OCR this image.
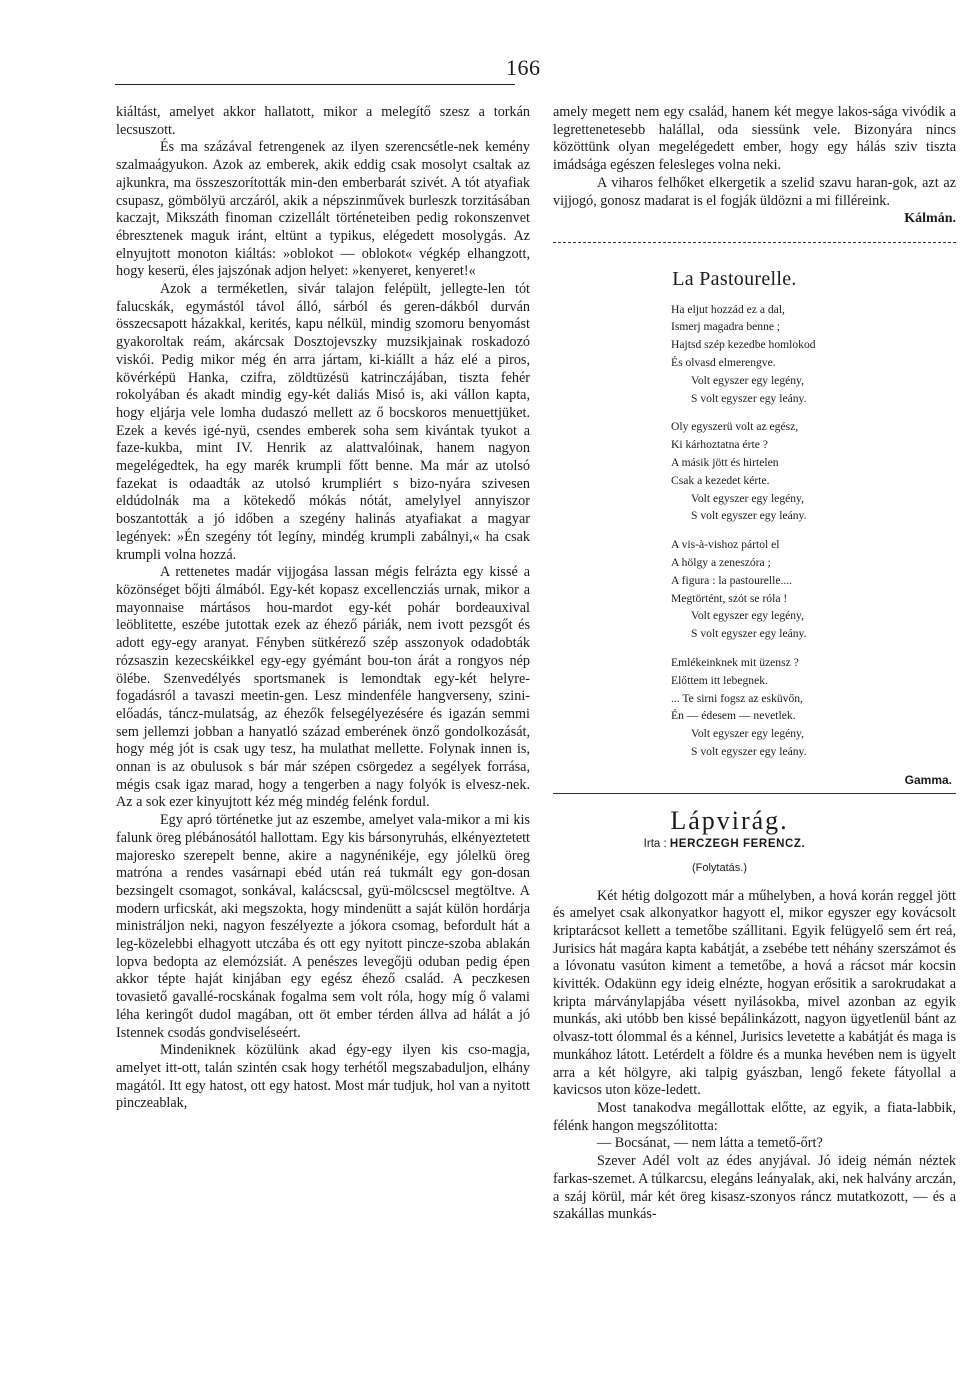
166

kiáltást, amelyet akkor hallatott, mikor a melegítő szesz a torkán lecsuszott.

És ma százával fetrengenek az ilyen szerencsétle-nek kemény szalmaágyukon. Azok az emberek, akik eddig csak mosolyt csaltak az ajkunkra, ma összeszorították min-den emberbarát szivét. A tót atyafiak csupasz, gömbölyü arczáról, akik a népszinművek burleszk torzitásában kaczajt, Mikszáth finoman czizellált történeteiben pedig rokonszenvet ébresztenek maguk iránt, eltünt a typikus, elégedett mosolygás. Az elnyujtott monoton kiáltás: »oblokot — oblokot« végkép elhangzott, hogy keserü, éles jajszónak adjon helyet: »kenyeret, kenyeret!«

Azok a terméketlen, sivár talajon felépült, jellegte-len tót falucskák, egymástól távol álló, sárból és geren-dákból durván összecsapott házakkal, kerités, kapu nélkül, mindig szomoru benyomást gyakoroltak reám, akárcsak Dosztojevszky muzsikjainak roskadozó viskói. Pedig mikor még én arra jártam, ki-kiállt a ház elé a piros, kövérképü Hanka, czifra, zöldtüzésü katrinczájában, tiszta fehér rokolyában és akadt mindig egy-két daliás Misó is, aki vállon kapta, hogy eljárja vele lomha dudaszó mellett az ő bocskoros menuettjüket. Ezek a kevés igé-nyü, csendes emberek soha sem kivántak tyukot a faze-kukba, mint IV. Henrik az alattvalóinak, hanem nagyon megelégedtek, ha egy marék krumpli főtt benne. Ma már az utolsó fazekat is odaadták az utolsó krumpliért s bizo-nyára szivesen eldúdolnák ma a kötekedő mókás nótát, amelylyel annyiszor boszantották a jó időben a szegény halinás atyafiakat a magyar legények: »Én szegény tót legíny, mindég krumpli zabálnyi,« ha csak krumpli volna hozzá.

A rettenetes madár vijjogása lassan mégis felrázta egy kissé a közönséget bőjti álmából. Egy-két kopasz excellencziás urnak, mikor a mayonnaise mártásos hou-mardot egy-két pohár bordeauxival leöblitette, eszébe jutottak ezek az éhező páriák, nem ivott pezsgőt és adott egy-egy aranyat. Fényben sütkérező szép asszonyok odadobták rózsaszin kezecskéikkel egy-egy gyémánt bou-ton árát a rongyos nép ölébe. Szenvedélyés sportsmanek is lemondtak egy-két helyre-fogadásról a tavaszi meetin-gen. Lesz mindenféle hangverseny, szini-előadás, táncz-mulatság, az éhezők felsegélyezésére és igazán semmi sem jellemzi jobban a hanyatló század emberének önző gondolkozását, hogy még jót is csak ugy tesz, ha mulathat mellette. Folynak innen is, onnan is az obulusok s bár már szépen csörgedez a segélyek forrása, mégis csak igaz marad, hogy a tengerben a nagy folyók is elvesz-nek. Az a sok ezer kinyujtott kéz még mindég felénk fordul.

Egy apró történetke jut az eszembe, amelyet vala-mikor a mi kis falunk öreg plébánosától hallottam. Egy kis bársonyruhás, elkényeztetett majoresko szerepelt benne, akire a nagynénikéje, egy jólelkü öreg matróna a rendes vasárnapi ebéd után reá tukmált egy gon-dosan bezsingelt csomagot, sonkával, kalácscsal, gyü-mölcscsel megtöltve. A modern urficskát, aki megszokta, hogy mindenütt a saját külön hordárja ministráljon neki, nagyon feszélyezte a jókora csomag, befordult hát a leg-közelebbi elhagyott utczába és ott egy nyitott pincze-szoba ablakán lopva bedopta az elemózsiát. A penészes levegőjü oduban pedig épen akkor tépte haját kinjában egy egész éhező család. A peczkesen tovasiető gavallé-rocskának fogalma sem volt róla, hogy míg ő valami léha keringőt dudol magában, ott öt ember térden állva ad hálát a jó Istennek csodás gondviseléseért.

Mindeniknek közülünk akad égy-egy ilyen kis cso-magja, amelyet itt-ott, talán szintén csak hogy terhétől megszabaduljon, elhány magától. Itt egy hatost, ott egy hatost. Most már tudjuk, hol van a nyitott pinczeablak,

amely megett nem egy család, hanem két megye lakos-sága vivódik a legrettenetesebb halállal, oda siessünk vele. Bizonyára nincs közöttünk olyan megelégedett ember, hogy egy hálás sziv tiszta imádsága egészen felesleges volna neki.

A viharos felhőket elkergetik a szelid szavu haran-gok, azt az vijjogó, gonosz madarat is el fogják üldözni a mi filléreink.

Kálmán.

La Pastourelle.
Ha eljut hozzád ez a dal,
Ismerj magadra benne ;
Hajtsd szép kezedbe homlokod
És olvasd elmerengve.
Volt egyszer egy legény,
S volt egyszer egy leány.
Oly egyszerü volt az egész,
Ki kárhoztatna érte ?
A másik jött és hirtelen
Csak a kezedet kérte.
Volt egyszer egy legény,
S volt egyszer egy leány.
A vis-à-vishoz pártol el
A hölgy a zeneszóra ;
A figura : la pastourelle....
Megtörtént, szót se róla !
Volt egyszer egy legény,
S volt egyszer egy leány.
Emlékeinknek mit üzensz ?
Előttem itt lebegnek.
... Te sirni fogsz az esküvőn,
Én — édesem — nevetlek.
Volt egyszer egy legény,
S volt egyszer egy leány.
Gamma.
Lápvirág.
Irta : HERCZEGH FERENCZ.
(Folytatás.)

Két hétig dolgozott már a műhelyben, a hová korán reggel jött és amelyet csak alkonyatkor hagyott el, mikor egyszer egy kovácsolt kriptarácsot kellett a temetőbe szállitani. Egyik felügyelő sem ért reá, Jurisics hát magára kapta kabátját, a zsebébe tett néhány szerszámot és a lóvonatu vasúton kiment a temetőbe, a hová a rácsot már kocsin kivitték. Odakünn egy ideig elnézte, hogyan erősitik a sarokrudakat a kripta márványlapjába vésett nyilásokba, mivel azonban az egyik munkás, aki utóbb ben kissé bepálinkázott, nagyon ügyetlenül bánt az olvasz-tott ólommal és a kénnel, Jurisics levetette a kabátját és maga is munkához látott. Letérdelt a földre és a munka hevében nem is ügyelt arra a két hölgyre, aki talpig gyászban, lengő fekete fátyollal a kavicsos uton köze-ledett.

Most tanakodva megállottak előtte, az egyik, a fiata-labbik, félénk hangon megszólitotta:

— Bocsánat, — nem látta a temető-őrt?

Szever Adél volt az édes anyjával. Jó ideig némán néztek farkas-szemet. A túlkarcsu, elegáns leányalak, aki, nek halvány arczán, a száj körül, már két öreg kisasz-szonyos ráncz mutatkozott, — és a szakállas munkás-
